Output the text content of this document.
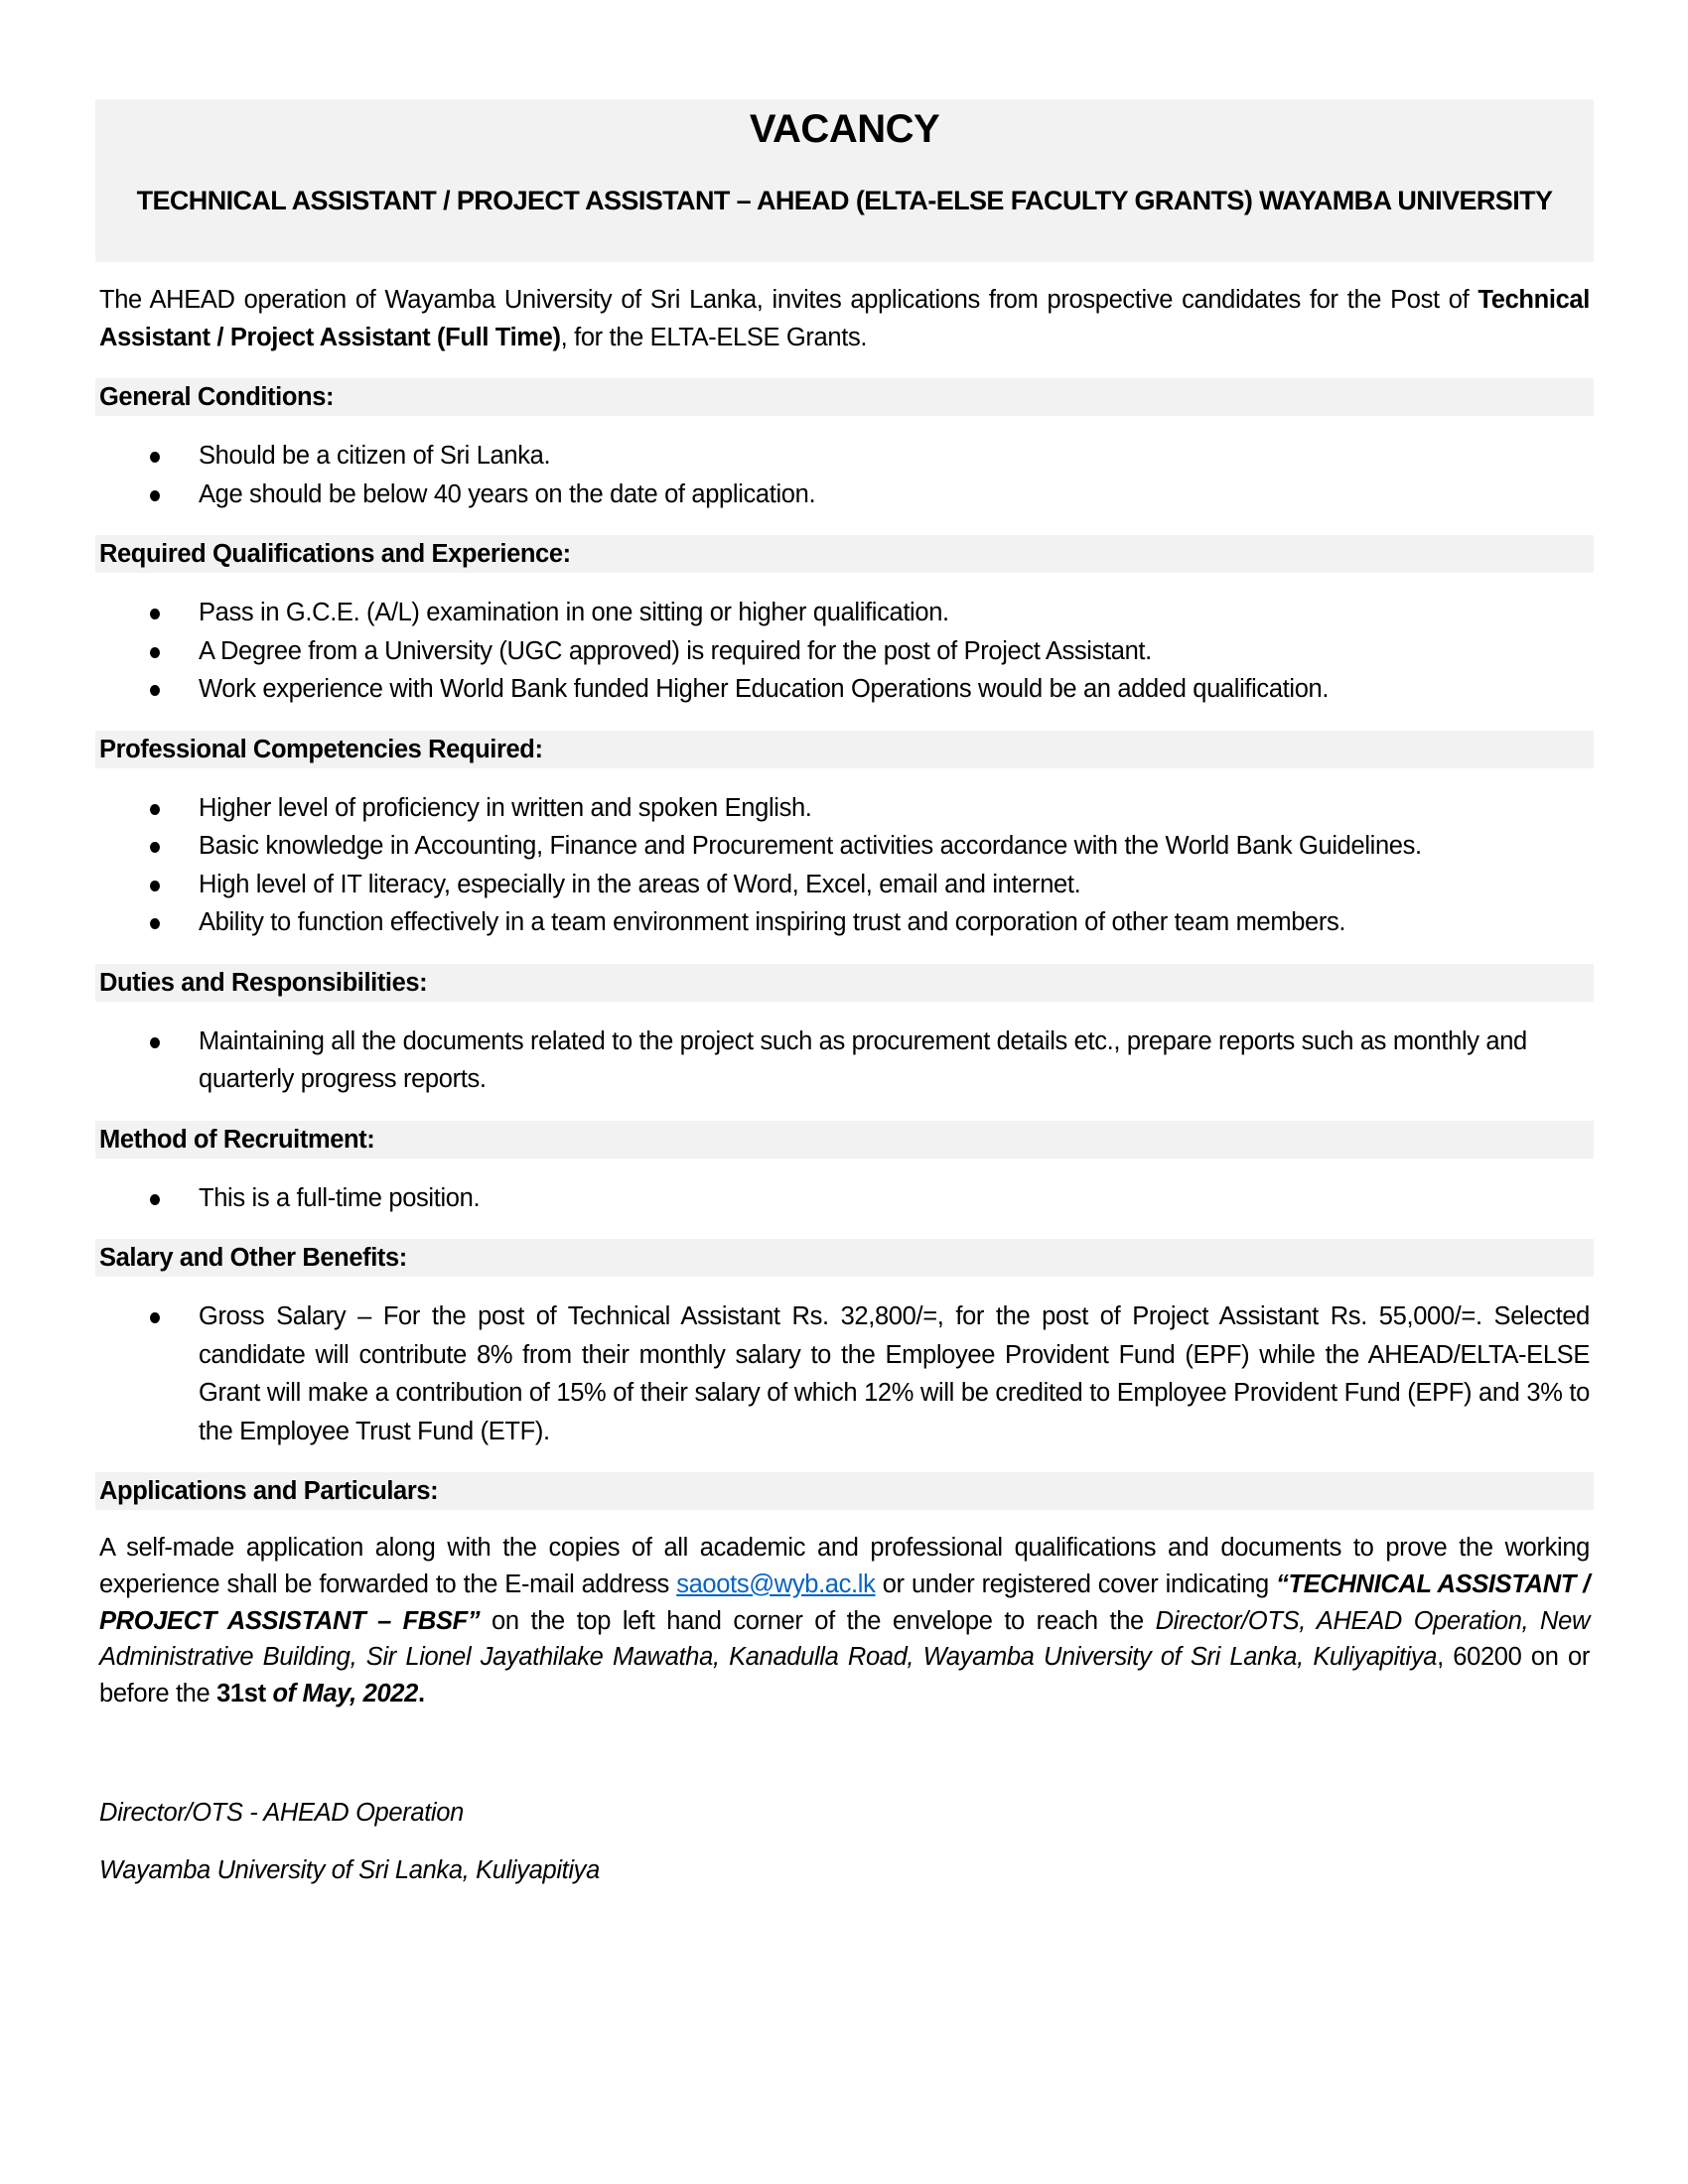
VACANCY
TECHNICAL ASSISTANT / PROJECT ASSISTANT – AHEAD (ELTA-ELSE FACULTY GRANTS) WAYAMBA UNIVERSITY
The AHEAD operation of Wayamba University of Sri Lanka, invites applications from prospective candidates for the Post of Technical Assistant / Project Assistant (Full Time), for the ELTA-ELSE Grants.
General Conditions:
Should be a citizen of Sri Lanka.
Age should be below 40 years on the date of application.
Required Qualifications and Experience:
Pass in G.C.E. (A/L) examination in one sitting or higher qualification.
A Degree from a University (UGC approved) is required for the post of Project Assistant.
Work experience with World Bank funded Higher Education Operations would be an added qualification.
Professional Competencies Required:
Higher level of proficiency in written and spoken English.
Basic knowledge in Accounting, Finance and Procurement activities accordance with the World Bank Guidelines.
High level of IT literacy, especially in the areas of Word, Excel, email and internet.
Ability to function effectively in a team environment inspiring trust and corporation of other team members.
Duties and Responsibilities:
Maintaining all the documents related to the project such as procurement details etc., prepare reports such as monthly and quarterly progress reports.
Method of Recruitment:
This is a full-time position.
Salary and Other Benefits:
Gross Salary – For the post of Technical Assistant Rs. 32,800/=, for the post of Project Assistant Rs. 55,000/=. Selected candidate will contribute 8% from their monthly salary to the Employee Provident Fund (EPF) while the AHEAD/ELTA-ELSE Grant will make a contribution of 15% of their salary of which 12% will be credited to Employee Provident Fund (EPF) and 3% to the Employee Trust Fund (ETF).
Applications and Particulars:
A self-made application along with the copies of all academic and professional qualifications and documents to prove the working experience shall be forwarded to the E-mail address saoots@wyb.ac.lk or under registered cover indicating “TECHNICAL ASSISTANT / PROJECT ASSISTANT – FBSF” on the top left hand corner of the envelope to reach the Director/OTS, AHEAD Operation, New Administrative Building, Sir Lionel Jayathilake Mawatha, Kanadulla Road, Wayamba University of Sri Lanka, Kuliyapitiya, 60200 on or before the 31st of May, 2022.
Director/OTS - AHEAD Operation
Wayamba University of Sri Lanka, Kuliyapitiya
